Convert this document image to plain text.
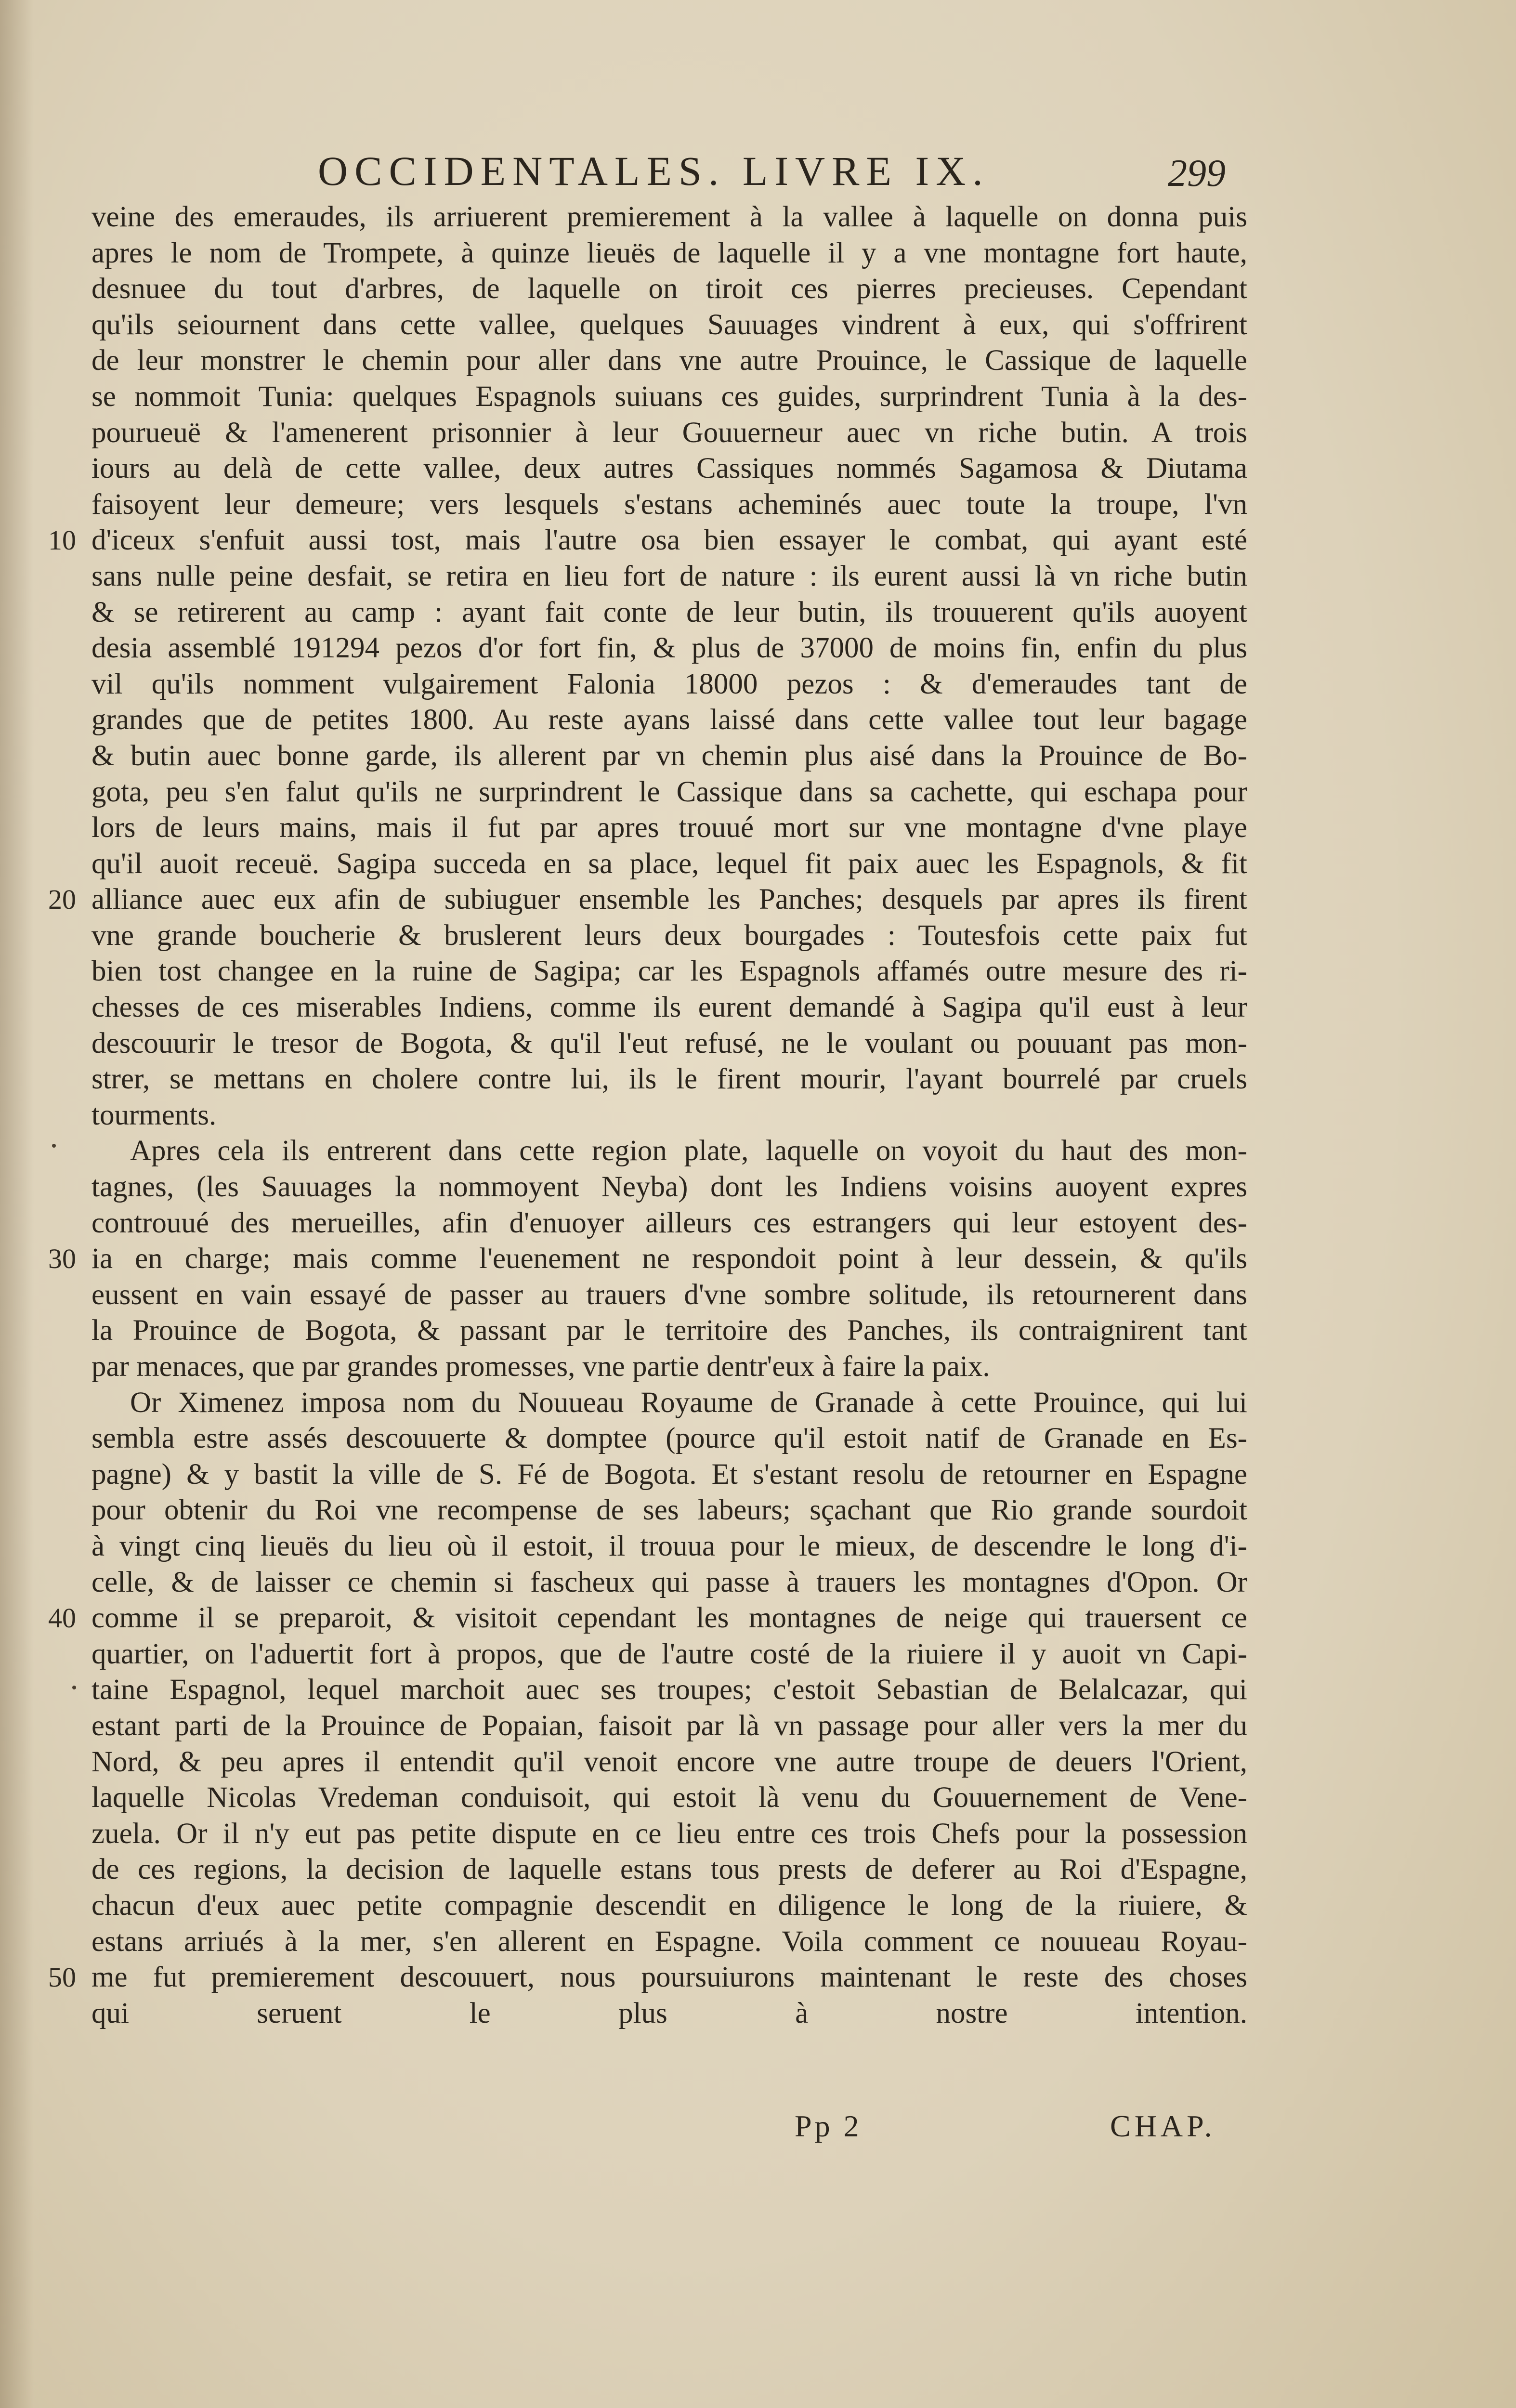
OCCIDENTALES. LIVRE IX.	299
10
20
30
40
50
veine des emeraudes, ils arriuerent premierement à la vallee à laquelle on donna puis
apres le nom de Trompete, à quinze lieuës de laquelle il y a vne montagne fort haute,
desnuee du tout d'arbres, de laquelle on tiroit ces pierres precieuses. Cependant
qu'ils seiournent dans cette vallee, quelques Sauuages vindrent à eux, qui s'offrirent
de leur monstrer le chemin pour aller dans vne autre Prouince, le Cassique de laquelle
se nommoit Tunia: quelques Espagnols suiuans ces guides, surprindrent Tunia à la des-
pourueuë & l'amenerent prisonnier à leur Gouuerneur auec vn riche butin. A trois
iours au delà de cette vallee, deux autres Cassiques nommés Sagamosa & Diutama
faisoyent leur demeure; vers lesquels s'estans acheminés auec toute la troupe, l'vn
d'iceux s'enfuit aussi tost, mais l'autre osa bien essayer le combat, qui ayant esté
sans nulle peine desfait, se retira en lieu fort de nature : ils eurent aussi là vn riche butin
& se retirerent au camp : ayant fait conte de leur butin, ils trouuerent qu'ils auoyent
desia assemblé 191294 pezos d'or fort fin, & plus de 37000 de moins fin, enfin du plus
vil qu'ils nomment vulgairement Falonia 18000 pezos : & d'emeraudes tant de
grandes que de petites 1800. Au reste ayans laissé dans cette vallee tout leur bagage
& butin auec bonne garde, ils allerent par vn chemin plus aisé dans la Prouince de Bo-
gota, peu s'en falut qu'ils ne surprindrent le Cassique dans sa cachette, qui eschapa pour
lors de leurs mains, mais il fut par apres trouué mort sur vne montagne d'vne playe
qu'il auoit receuë. Sagipa succeda en sa place, lequel fit paix auec les Espagnols, & fit
alliance auec eux afin de subiuguer ensemble les Panches; desquels par apres ils firent
vne grande boucherie & bruslerent leurs deux bourgades : Toutesfois cette paix fut
bien tost changee en la ruine de Sagipa; car les Espagnols affamés outre mesure des ri-
chesses de ces miserables Indiens, comme ils eurent demandé à Sagipa qu'il eust à leur
descouurir le tresor de Bogota, & qu'il l'eut refusé, ne le voulant ou pouuant pas mon-
strer, se mettans en cholere contre lui, ils le firent mourir, l'ayant bourrelé par cruels
tourments.
Apres cela ils entrerent dans cette region plate, laquelle on voyoit du haut des mon-
tagnes, (les Sauuages la nommoyent Neyba) dont les Indiens voisins auoyent expres
controuué des merueilles, afin d'enuoyer ailleurs ces estrangers qui leur estoyent des-
ia en charge; mais comme l'euenement ne respondoit point à leur dessein, & qu'ils
eussent en vain essayé de passer au trauers d'vne sombre solitude, ils retournerent dans
la Prouince de Bogota, & passant par le territoire des Panches, ils contraignirent tant
par menaces, que par grandes promesses, vne partie dentr'eux à faire la paix.
Or Ximenez imposa nom du Nouueau Royaume de Granade à cette Prouince, qui lui
sembla estre assés descouuerte & domptee (pource qu'il estoit natif de Granade en Es-
pagne) & y bastit la ville de S. Fé de Bogota. Et s'estant resolu de retourner en Espagne
pour obtenir du Roi vne recompense de ses labeurs; sçachant que Rio grande sourdoit
à vingt cinq lieuës du lieu où il estoit, il trouua pour le mieux, de descendre le long d'i-
celle, & de laisser ce chemin si fascheux qui passe à trauers les montagnes d'Opon. Or
comme il se preparoit, & visitoit cependant les montagnes de neige qui trauersent ce
quartier, on l'aduertit fort à propos, que de l'autre costé de la riuiere il y auoit vn Capi-
taine Espagnol, lequel marchoit auec ses troupes; c'estoit Sebastian de Belalcazar, qui
estant parti de la Prouince de Popaian, faisoit par là vn passage pour aller vers la mer du
Nord, & peu apres il entendit qu'il venoit encore vne autre troupe de deuers l'Orient,
laquelle Nicolas Vredeman conduisoit, qui estoit là venu du Gouuernement de Vene-
zuela. Or il n'y eut pas petite dispute en ce lieu entre ces trois Chefs pour la possession
de ces regions, la decision de laquelle estans tous prests de deferer au Roi d'Espagne,
chacun d'eux auec petite compagnie descendit en diligence le long de la riuiere, &
estans arriués à la mer, s'en allerent en Espagne. Voila comment ce nouueau Royau-
me fut premierement descouuert, nous poursuiurons maintenant le reste des choses
qui seruent le plus à nostre intention.
Pp 2	CHAP.
